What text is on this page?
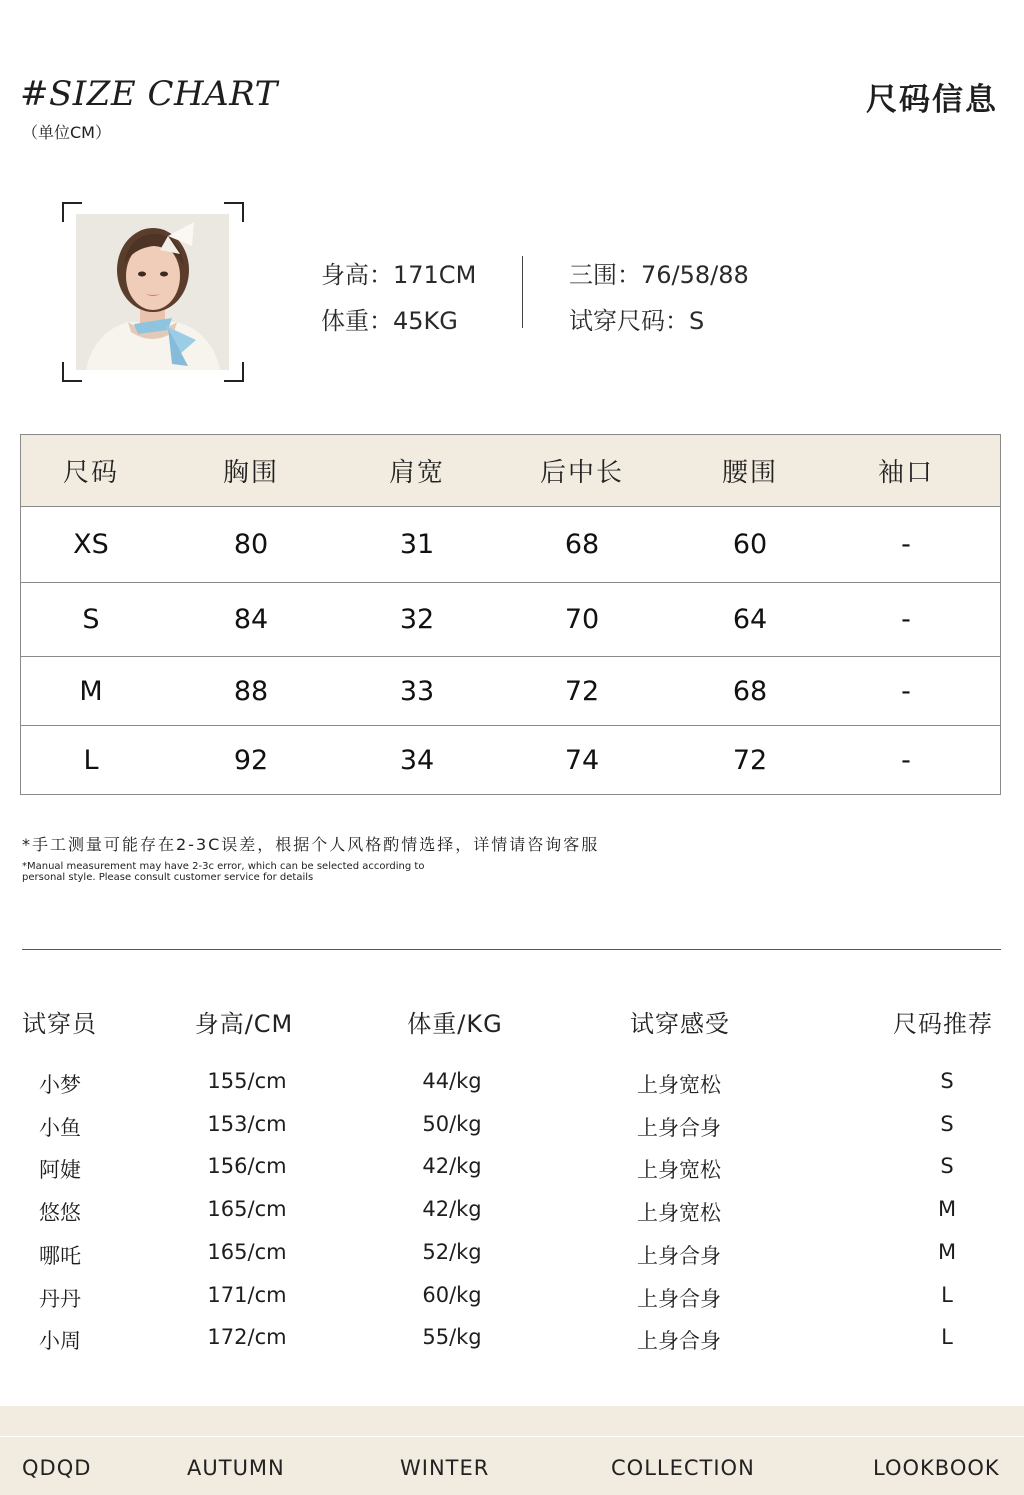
#SIZE CHART
（单位CM）
尺码信息
身高：171CM
体重：45KG
三围：76/58/88
试穿尺码：S
尺码	胸围	肩宽	后中长	腰围	袖口
XS	80	31	68	60	-
S	84	32	70	64	-
M	88	33	72	68	-
L	92	34	74	72	-
*手工测量可能存在2-3C误差，根据个人风格酌情选择，详情请咨询客服
*Manual measurement may have 2-3c error, which can be selected according to personal style. Please consult customer service for details
试穿员	身高/CM	体重/KG	试穿感受	尺码推荐
小梦	155/cm	44/kg	上身宽松	S
小鱼	153/cm	50/kg	上身合身	S
阿婕	156/cm	42/kg	上身宽松	S
悠悠	165/cm	42/kg	上身宽松	M
哪吒	165/cm	52/kg	上身合身	M
丹丹	171/cm	60/kg	上身合身	L
小周	172/cm	55/kg	上身合身	L
QDQD	AUTUMN	WINTER	COLLECTION	LOOKBOOK
